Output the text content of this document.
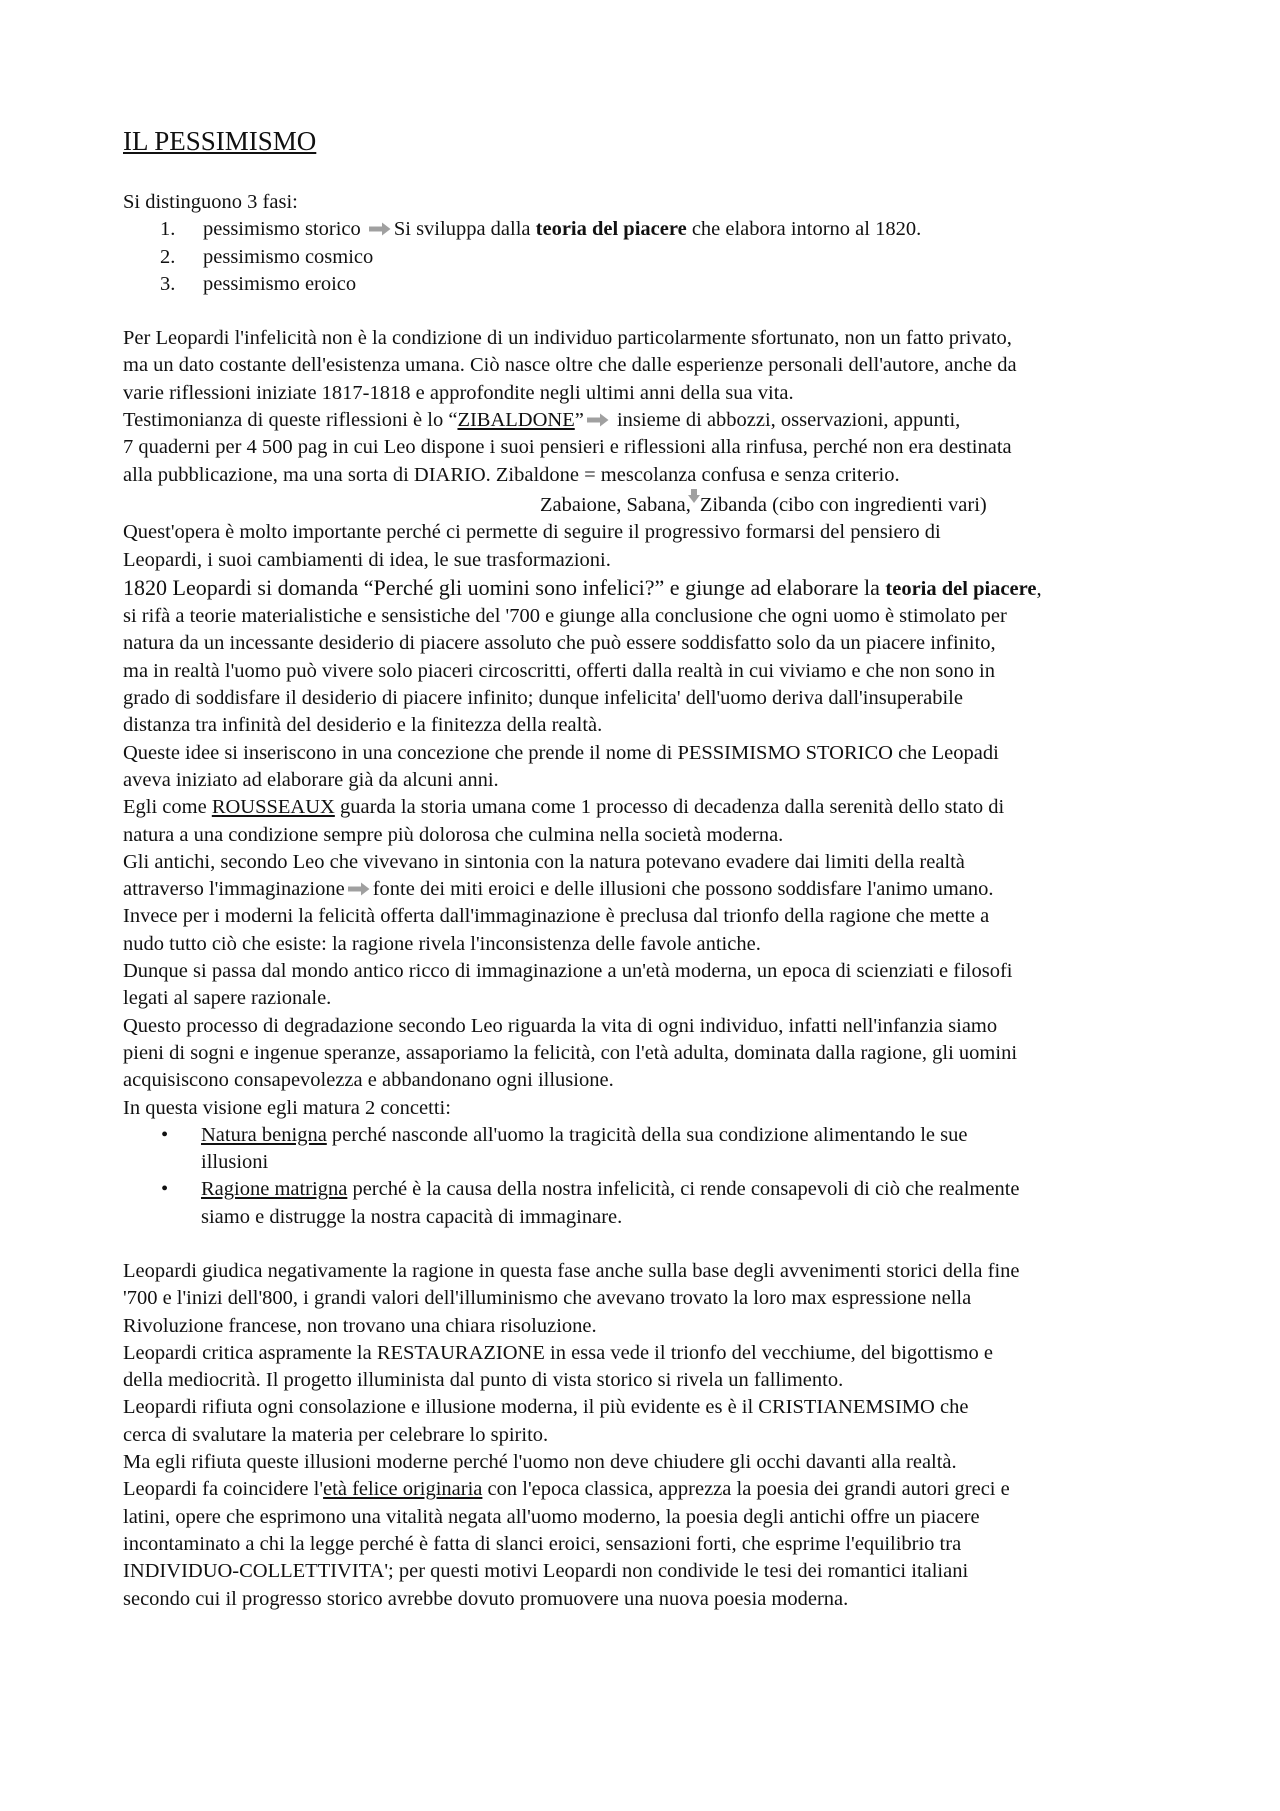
IL PESSIMISMO

Si distinguono 3 fasi:

1. pessimismo storico Si sviluppa dalla teoria del piacere che elabora intorno al 1820.
2. pessimismo cosmico
3. pessimismo eroico

Per Leopardi l'infelicità non è la condizione di un individuo particolarmente sfortunato, non un fatto privato,

ma un dato costante dell'esistenza umana. Ciò nasce oltre che dalle esperienze personali dell'autore, anche da

varie riflessioni iniziate 1817-1818 e approfondite negli ultimi anni della sua vita.

Testimonianza di queste riflessioni è lo “ZIBALDONE” insieme di abbozzi, osservazioni, appunti,

7 quaderni per 4 500 pag in cui Leo dispone i suoi pensieri e riflessioni alla rinfusa, perché non era destinata

alla pubblicazione, ma una sorta di DIARIO. Zibaldone = mescolanza confusa e senza criterio.

Zabaione, Sabana, Zibanda (cibo con ingredienti vari)

Quest'opera è molto importante perché ci permette di seguire il progressivo formarsi del pensiero di

Leopardi, i suoi cambiamenti di idea, le sue trasformazioni.

1820 Leopardi si domanda “Perché gli uomini sono infelici?” e giunge ad elaborare la teoria del piacere,

si rifà a teorie materialistiche e sensistiche del '700 e giunge alla conclusione che ogni uomo è stimolato per

natura da un incessante desiderio di piacere assoluto che può essere soddisfatto solo da un piacere infinito,

ma in realtà l'uomo può vivere solo piaceri circoscritti, offerti dalla realtà in cui viviamo e che non sono in

grado di soddisfare il desiderio di piacere infinito; dunque infelicita' dell'uomo deriva dall'insuperabile

distanza tra infinità del desiderio e la finitezza della realtà.

Queste idee si inseriscono in una concezione che prende il nome di PESSIMISMO STORICO che Leopadi

aveva iniziato ad elaborare già da alcuni anni.

Egli come ROUSSEAUX guarda la storia umana come 1 processo di decadenza dalla serenità dello stato di

natura a una condizione sempre più dolorosa che culmina nella società moderna.

Gli antichi, secondo Leo che vivevano in sintonia con la natura potevano evadere dai limiti della realtà

attraverso l'immaginazione fonte dei miti eroici e delle illusioni che possono soddisfare l'animo umano.

Invece per i moderni la felicità offerta dall'immaginazione è preclusa dal trionfo della ragione che mette a

nudo tutto ciò che esiste: la ragione rivela l'inconsistenza delle favole antiche.

Dunque si passa dal mondo antico ricco di immaginazione a un'età moderna, un epoca di scienziati e filosofi

legati al sapere razionale.

Questo processo di degradazione secondo Leo riguarda la vita di ogni individuo, infatti nell'infanzia siamo

pieni di sogni e ingenue speranze, assaporiamo la felicità, con l'età adulta, dominata dalla ragione, gli uomini

acquisiscono consapevolezza e abbandonano ogni illusione.

In questa visione egli matura 2 concetti:

• Natura benigna perché nasconde all'uomo la tragicità della sua condizione alimentando le sue
illusioni
• Ragione matrigna perché è la causa della nostra infelicità, ci rende consapevoli di ciò che realmente
siamo e distrugge la nostra capacità di immaginare.

Leopardi giudica negativamente la ragione in questa fase anche sulla base degli avvenimenti storici della fine

'700 e l'inizi dell'800, i grandi valori dell'illuminismo che avevano trovato la loro max espressione nella

Rivoluzione francese, non trovano una chiara risoluzione.

Leopardi critica aspramente la RESTAURAZIONE in essa vede il trionfo del vecchiume, del bigottismo e

della mediocrità. Il progetto illuminista dal punto di vista storico si rivela un fallimento.

Leopardi rifiuta ogni consolazione e illusione moderna, il più evidente es è il CRISTIANEMSIMO che

cerca di svalutare la materia per celebrare lo spirito.

Ma egli rifiuta queste illusioni moderne perché l'uomo non deve chiudere gli occhi davanti alla realtà.

Leopardi fa coincidere l'età felice originaria con l'epoca classica, apprezza la poesia dei grandi autori greci e

latini, opere che esprimono una vitalità negata all'uomo moderno, la poesia degli antichi offre un piacere

incontaminato a chi la legge perché è fatta di slanci eroici, sensazioni forti, che esprime l'equilibrio tra

INDIVIDUO-COLLETTIVITA'; per questi motivi Leopardi non condivide le tesi dei romantici italiani

secondo cui il progresso storico avrebbe dovuto promuovere una nuova poesia moderna.
